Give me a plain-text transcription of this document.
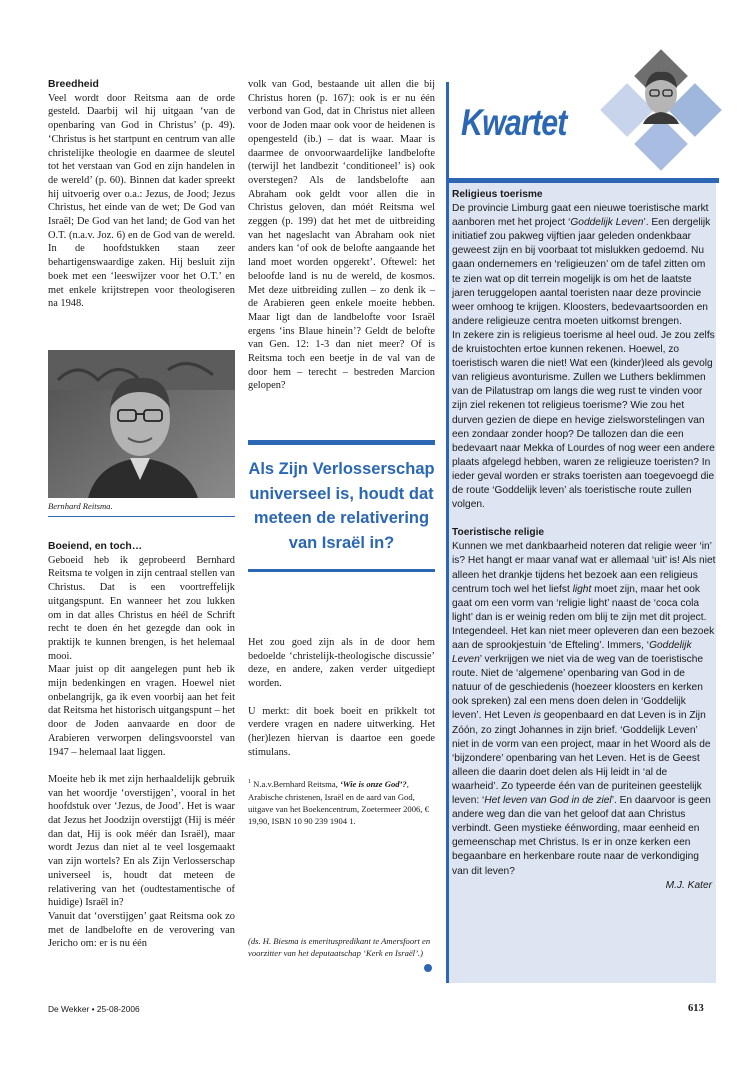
Breedheid

Veel wordt door Reitsma aan de orde gesteld. Daarbij wil hij uitgaan ‘van de openbaring van God in Christus’ (p. 49). ‘Christus is het startpunt en centrum van alle christelijke theologie en daarmee de sleutel tot het verstaan van God en zijn handelen in de wereld’ (p. 60). Binnen dat kader spreekt hij uitvoerig over o.a.: Jezus, de Jood; Jezus Christus, het einde van de wet; De God van Israël; De God van het land; de God van het O.T. (n.a.v. Joz. 6) en de God van de wereld. In de hoofdstukken staan zeer behartigenswaardige zaken. Hij besluit zijn boek met een ‘leeswijzer voor het O.T.’ en met enkele krijtstrepen voor theologiseren na 1948.

Bernhard Reitsma.
Boeiend, en toch…

Geboeid heb ik geprobeerd Bernhard Reitsma te volgen in zijn centraal stellen van Christus. Dat is een voortreffelijk uitgangspunt. En wanneer het zou lukken om in dat alles Christus en héél de Schrift recht te doen én het gezegde dan ook in praktijk te kunnen brengen, is het helemaal mooi.

Maar juist op dit aangelegen punt heb ik mijn bedenkingen en vragen. Hoewel niet onbelangrijk, ga ik even voorbij aan het feit dat Reitsma het historisch uitgangspunt – het door de Joden aanvaarde en door de Arabieren verworpen delingsvoorstel van 1947 – helemaal laat liggen.

Moeite heb ik met zijn herhaaldelijk gebruik van het woordje ‘overstijgen’, vooral in het hoofdstuk over ‘Jezus, de Jood’. Het is waar dat Jezus het Joodzijn overstijgt (Hij is méér dan dat, Hij is ook méér dan Israël), maar wordt Jezus dan niet al te veel losgemaakt van zijn wortels? En als Zijn Verlosserschap universeel is, houdt dat meteen de relativering van het (oudtestamentische of huidige) Israël in?

Vanuit dat ‘overstijgen’ gaat Reitsma ook zo met de landbelofte en de verovering van Jericho om: er is nu één

volk van God, bestaande uit allen die bij Christus horen (p. 167): ook is er nu één verbond van God, dat in Christus niet alleen voor de Joden maar ook voor de heidenen is opengesteld (ib.) – dat is waar. Maar is daarmee de onvoorwaardelijke landbelofte (terwijl het landbezit ‘conditioneel’ is) ook overstegen? Als de landsbelofte aan Abraham ook geldt voor allen die in Christus geloven, dan móét Reitsma wel zeggen (p. 199) dat het met de uitbreiding van het nageslacht van Abraham ook niet anders kan ‘of ook de belofte aangaande het land moet worden opgerekt’. Oftewel: het beloofde land is nu de wereld, de kosmos. Met deze uitbreiding zullen – zo denk ik – de Arabieren geen enkele moeite hebben. Maar ligt dan de landbelofte voor Israël ergens ‘ins Blaue hinein’? Geldt de belofte van Gen. 12: 1-3 dan niet meer? Of is Reitsma toch een beetje in de val van de door hem – terecht – bestreden Marcion gelopen?

Als Zijn Verlosserschap universeel is, houdt dat meteen de relativering van Israël in?

Het zou goed zijn als in de door hem bedoelde ‘christelijk-theologische discussie’ deze, en andere, zaken verder uitgediept worden.

U merkt: dit boek boeit en prikkelt tot verdere vragen en nadere uitwerking. Het (her)lezen hiervan is daartoe een goede stimulans.

$^1$ N.a.v.Bernhard Reitsma, ‘Wie is onze God’?, Arabische christenen, Israël en de aard van God, uitgave van het Boekencentrum, Zoetermeer 2006, € 19,90, ISBN 10 90 239 1904 1.

(ds. H. Biesma is emerituspredikant te Amersfoort en voorzitter van het deputaatschap ‘Kerk en Israël’.)

Kwartet
Religieus toerisme

De provincie Limburg gaat een nieuwe toeristische markt aanboren met het project ‘Goddelijk Leven’. Een dergelijk initiatief zou pakweg vijftien jaar geleden ondenkbaar geweest zijn en bij voorbaat tot mislukken gedoemd. Nu gaan ondernemers en ‘religieuzen’ om de tafel zitten om te zien wat op dit terrein mogelijk is om het de laatste jaren teruggelopen aantal toeristen naar deze provincie weer omhoog te krijgen. Kloosters, bedevaartsoorden en andere religieuze centra moeten uitkomst brengen.

In zekere zin is religieus toerisme al heel oud. Je zou zelfs de kruistochten ertoe kunnen rekenen. Hoewel, zo toeristisch waren die niet! Wat een (kinder)leed als gevolg van religieus avonturisme. Zullen we Luthers beklimmen van de Pilatustrap om langs die weg rust te vinden voor zijn ziel rekenen tot religieus toerisme? Wie zou het durven gezien de diepe en hevige zielsworstelingen van een zondaar zonder hoop? De tallozen dan die een bedevaart naar Mekka of Lourdes of nog weer een andere plaats afgelegd hebben, waren ze religieuze toeristen? In ieder geval worden er straks toeristen aan toegevoegd die de route ‘Goddelijk leven’ als toeristische route zullen volgen.

Toeristische religie

Kunnen we met dankbaarheid noteren dat religie weer ‘in’ is? Het hangt er maar vanaf wat er allemaal ‘uit’ is! Als niet alleen het drankje tijdens het bezoek aan een religieus centrum toch wel het liefst light moet zijn, maar het ook gaat om een vorm van ‘religie light’ naast de ‘coca cola light’ dan is er weinig reden om blij te zijn met dit project. Integendeel. Het kan niet meer opleveren dan een bezoek aan de sprookjestuin ‘de Efteling’. Immers, ‘Goddelijk Leven’ verkrijgen we niet via de weg van de toeristische route. Niet de ‘algemene’ openbaring van God in de natuur of de geschiedenis (hoezeer kloosters en kerken ook spreken) zal een mens doen delen in ‘Goddelijk leven’. Het Leven is geopenbaard en dat Leven is in Zijn Zóón, zo zingt Johannes in zijn brief. ‘Goddelijk Leven’ niet in de vorm van een project, maar in het Woord als de ‘bijzondere’ openbaring van het Leven. Het is de Geest alleen die daarin doet delen als Hij leidt in ‘al de waarheid’. Zo typeerde één van de puriteinen geestelijk leven: ‘Het leven van God in de ziel’. En daarvoor is geen andere weg dan die van het geloof dat aan Christus verbindt. Geen mystieke éénwording, maar eenheid en gemeenschap met Christus. Is er in onze kerken een begaanbare en herkenbare route naar de verkondiging van dit leven?

M.J. Kater

De Wekker • 25-08-2006	613
